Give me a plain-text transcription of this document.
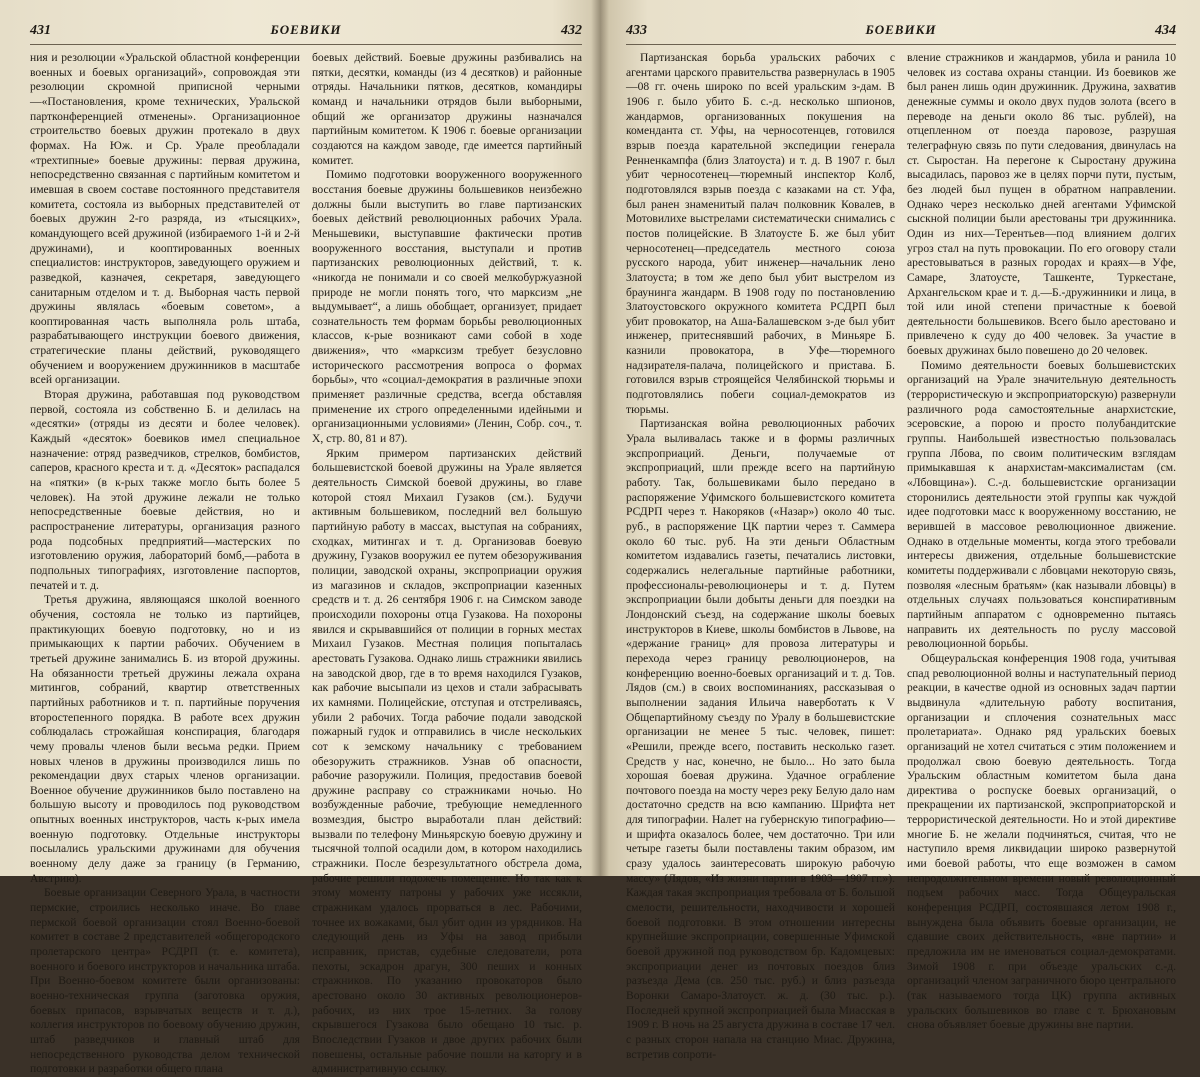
431	БОЕВИКИ	432

ния и резолюции «Уральской областной конференции военных и боевых организаций», сопровождая эти резолюции скромной приписной черными—«Постановления, кроме технических, Уральской партконференцией отменены». Организационное строительство боевых дружин протекало в двух формах. На Юж. и Ср. Урале преобладали «трехтипные» боевые дружины: первая дружина, непосредственно связанная с партийным комитетом и имевшая в своем составе постоянного представителя комитета, состояла из выборных представителей от боевых дружин 2-го разряда, из «тысяцких», командующего всей дружиной (избираемого 1-й и 2-й дружинами), и кооптированных военных специалистов: инструкторов, заведующего оружием и разведкой, казначея, секретаря, заведующего санитарным отделом и т. д. Выборная часть первой дружины являлась «боевым советом», а кооптированная часть выполняла роль штаба, разрабатывающего инструкции боевого движения, стратегические планы действий, руководящего обучением и вооружением дружинников в масштабе всей организации.

Вторая дружина, работавшая под руководством первой, состояла из собственно Б. и делилась на «десятки» (отряды из десяти и более человек). Каждый «десяток» боевиков имел специальное назначение: отряд разведчиков, стрелков, бомбистов, саперов, красного креста и т. д. «Десяток» распадался на «пятки» (в к-рых также могло быть более 5 человек). На этой дружине лежали не только непосредственные боевые действия, но и распространение литературы, организация разного рода подсобных предприятий—мастерских по изготовлению оружия, лабораторий бомб,—работа в подпольных типографиях, изготовление паспортов, печатей и т. д.

Третья дружина, являющаяся школой военного обучения, состояла не только из партийцев, практикующих боевую подготовку, но и из примыкающих к партии рабочих. Обучением в третьей дружине занимались Б. из второй дружины. На обязанности третьей дружины лежала охрана митингов, собраний, квартир ответственных партийных работников и т. п. партийные поручения второстепенного порядка. В работе всех дружин соблюдалась строжайшая конспирация, благодаря чему провалы членов были весьма редки. Прием новых членов в дружины производился лишь по рекомендации двух старых членов организации. Военное обучение дружинников было поставлено на большую высоту и проводилось под руководством опытных военных инструкторов, часть к-рых имела военную подготовку. Отдельные инструкторы посылались уральскими дружинами для обучения военному делу даже за границу (в Германию, Австрию).

Боевые организации Северного Урала, в частности пермские, строились несколько иначе. Во главе пермской боевой организации стоял Военно-боевой комитет в составе 2 представителей «общегородского пролетарского центра» РСДРП (т. е. комитета), военного и боевого инструкторов и начальника штаба. При Военно-боевом комитете были организованы: военно-техническая группа (заготовка оружия, боевых припасов, взрывчатых веществ и т. д.), коллегия инструкторов по боевому обучению дружин, штаб разведчиков и главный штаб для непосредственного руководства делом технической подготовки и разработки общего плана

боевых действий. Боевые дружины разбивались на пятки, десятки, команды (из 4 десятков) и районные отряды. Начальники пятков, десятков, командиры команд и начальники отрядов были выборными, общий же организатор дружины назначался партийным комитетом. К 1906 г. боевые организации создаются на каждом заводе, где имеется партийный комитет.

Помимо подготовки вооруженного вооруженного восстания боевые дружины большевиков неизбежно должны были выступить во главе партизанских боевых действий революционных рабочих Урала. Меньшевики, выступавшие фактически против вооруженного восстания, выступали и против партизанских революционных действий, т. к. «никогда не понимали и со своей мелкобуржуазной природе не могли понять того, что марксизм „не выдумывает“, а лишь обобщает, организует, придает сознательность тем формам борьбы революционных классов, к-рые возникают сами собой в ходе движения», что «марксизм требует безусловно исторического рассмотрения вопроса о формах борьбы», что «социал-демократия в различные эпохи применяет различные средства, всегда обставляя применение их строго определенными идейными и организационными условиями» (Ленин, Собр. соч., т. X, стр. 80, 81 и 87).

Ярким примером партизанских действий большевистской боевой дружины на Урале является деятельность Симской боевой дружины, во главе которой стоял Михаил Гузаков (см.). Будучи активным большевиком, последний вел большую партийную работу в массах, выступая на собраниях, сходках, митингах и т. д. Организовав боевую дружину, Гузаков вооружил ее путем обезоруживания полиции, заводской охраны, экспроприации оружия из магазинов и складов, экспроприации казенных средств и т. д. 26 сентября 1906 г. на Симском заводе происходили похороны отца Гузакова. На похороны явился и скрывавшийся от полиции в горных местах Михаил Гузаков. Местная полиция попыталась арестовать Гузакова. Однако лишь стражники явились на заводской двор, где в то время находился Гузаков, как рабочие высыпали из цехов и стали забрасывать их камнями. Полицейские, отступая и отстреливаясь, убили 2 рабочих. Тогда рабочие подали заводской пожарный гудок и отправились в числе нескольких сот к земскому начальнику с требованием обезоружить стражников. Узнав об опасности, рабочие разоружили. Полиция, предоставив боевой дружине расправу со стражниками ночью. Но возбужденные рабочие, требующие немедленного возмездия, быстро выработали план действий: вызвали по телефону Миньярскую боевую дружину и тысячной толпой осадили дом, в котором находились стражники. После безрезультатного обстрела дома, рабочие решили подожечь помещение. Но так как к этому моменту патроны у рабочих уже иссякли, стражникам удалось прорваться в лес. Рабочими, точнее их вожаками, был убит один из урядников. На следующий день из Уфы на завод прибыли исправник, пристав, судебные следователи, рота пехоты, эскадрон драгун, 300 пеших и конных стражников. По указанию провокаторов было арестовано около 30 активных революционеров-рабочих, из них трое 15-летних. За голову скрывшегося Гузакова было обещано 10 тыс. р. Впоследствии Гузаков и двое других рабочих были повешены, остальные рабочие пошли на каторгу и в административную ссылку.

433	БОЕВИКИ	434

Партизанская борьба уральских рабочих с агентами царского правительства развернулась в 1905—08 гг. очень широко по всей уральским з-дам. В 1906 г. было убито Б. с.-д. несколько шпионов, жандармов, организованных покушения на коменданта ст. Уфы, на черносотенцев, готовился взрыв поезда карательной экспедиции генерала Ренненкампфа (близ Златоуста) и т. д. В 1907 г. был убит черносотенец—тюремный инспектор Колб, подготовлялся взрыв поезда с казаками на ст. Уфа, был ранен знаменитый палач полковник Ковалев, в Мотовилихе выстрелами систематически снимались с постов полицейские. В Златоусте Б. же был убит черносотенец—председатель местного союза русского народа, убит инженер—начальник лено Златоуста; в том же депо был убит выстрелом из браунинга жандарм. В 1908 году по постановлению Златоустовского окружного комитета РСДРП был убит провокатор, на Аша-Балашевском з-де был убит инженер, притеснявший рабочих, в Миньяре Б. казнили провокатора, в Уфе—тюремного надзирателя-палача, полицейского и пристава. Б. готовился взрыв строящейся Челябинской тюрьмы и подготовлялись побеги социал-демократов из тюрьмы.

Партизанская война революционных рабочих Урала выливалась также и в формы различных экспроприаций. Деньги, получаемые от экспроприаций, шли прежде всего на партийную работу. Так, большевиками было передано в распоряжение Уфимского большевистского комитета РСДРП через т. Накоряков («Назар») около 40 тыс. руб., в распоряжение ЦК партии через т. Саммера около 60 тыс. руб. На эти деньги Областным комитетом издавались газеты, печатались листовки, содержались нелегальные партийные работники, профессионалы-революционеры и т. д. Путем экспроприации были добыты деньги для поездки на Лондонский съезд, на содержание школы боевых инструкторов в Киеве, школы бомбистов в Львове, на «держание границ» для провоза литературы и перехода через границу революционеров, на конференцию военно-боевых организаций и т. д. Тов. Лядов (см.) в своих воспоминаниях, рассказывая о выполнении задания Ильича наверботать к V Общепартийному съезду по Уралу в большевистские организации не менее 5 тыс. человек, пишет: «Решили, прежде всего, поставить несколько газет. Средств у нас, конечно, не было... Но зато была хорошая боевая дружина. Удачное ограбление почтового поезда на мосту через реку Белую дало нам достаточно средств на всю кампанию. Шрифта нет для типографии. Налет на губернскую типографию—и шрифта оказалось более, чем достаточно. Три или четыре газеты были поставлены таким образом, им сразу удалось заинтересовать широкую рабочую массу» (Лядов, «Из жизни партии в 1903—1907 гг.»). Каждая такая экспроприация требовала от Б. большой смелости, решительности, находчивости и хорошей боевой подготовки. В этом отношении интересны крупнейшие экспроприации, совершенные Уфимской боевой дружиной под руководством бр. Кадомцевых: экспроприации денег из почтовых поездов близ разъезда Дема (св. 250 тыс. руб.) и близ разъезда Воронки Самаро-Златоуст. ж. д. (30 тыс. р.). Последней крупной экспроприацией была Миасская в 1909 г. В ночь на 25 августа дружина в составе 17 чел. с разных сторон напала на станцию Миас. Дружина, встретив сопроти-

вление стражников и жандармов, убила и ранила 10 человек из состава охраны станции. Из боевиков же был ранен лишь один дружинник. Дружина, захватив денежные суммы и около двух пудов золота (всего в переводе на деньги около 86 тыс. рублей), на отцепленном от поезда паровозе, разрушая телеграфную связь по пути следования, двинулась на ст. Сыростан. На перегоне к Сыростану дружина высадилась, паровоз же в целях порчи пути, пустым, без людей был пущен в обратном направлении. Однако через несколько дней агентами Уфимской сыскной полиции были арестованы три дружинника. Один из них—Терентьев—под влиянием долгих угроз стал на путь провокации. По его оговору стали арестовываться в разных городах и краях—в Уфе, Самаре, Златоусте, Ташкенте, Туркестане, Архангельском крае и т. д.—Б.-дружинники и лица, в той или иной степени причастные к боевой деятельности большевиков. Всего было арестовано и привлечено к суду до 400 человек. За участие в боевых дружинах было повешено до 20 человек.

Помимо деятельности боевых большевистских организаций на Урале значительную деятельность (террористическую и экспроприаторскую) развернули различного рода самостоятельные анархистские, эсеровские, а порою и просто полубандитские группы. Наибольшей известностью пользовалась группа Лбова, по своим политическим взглядам примыкавшая к анархистам-максималистам (см. «Лбовщина»). С.-д. большевистские организации сторонились деятельности этой группы как чуждой идее подготовки масс к вооруженному восстанию, не верившей в массовое революционное движение. Однако в отдельные моменты, когда этого требовали интересы движения, отдельные большевистские комитеты поддерживали с лбовцами некоторую связь, позволяя «лесным братьям» (как называли лбовцы) в отдельных случаях пользоваться конспиративным партийным аппаратом с одновременно пытаясь направить их деятельность по руслу массовой революционной борьбы.

Общеуральская конференция 1908 года, учитывая спад революционной волны и наступательный период реакции, в качестве одной из основных задач партии выдвинула «длительную работу воспитания, организации и сплочения сознательных масс пролетариата». Однако ряд уральских боевых организаций не хотел считаться с этим положением и продолжал свою боевую деятельность. Тогда Уральским областным комитетом была дана директива о роспуске боевых организаций, о прекращении их партизанской, экспроприаторской и террористической деятельности. Но и этой директиве многие Б. не желали подчиняться, считая, что не наступило время ликвидации широко развернутой ими боевой работы, что еще возможен в самом непродолжительном времени новый революционный подъем рабочих масс. Тогда Общеуральская конференция РСДРП, состоявшаяся летом 1908 г., вынуждена была объявить боевые организации, не сдавшие своих действительность, «вне партии» и предложила им не именоваться социал-демократами. Зимой 1908 г. при объезде уральских с.-д. организаций членом заграничного бюро центрального (так называемого тогда ЦК) группа активных уральских большевиков во главе с т. Брюхановым снова объявляет боевые дружины вне партии.
